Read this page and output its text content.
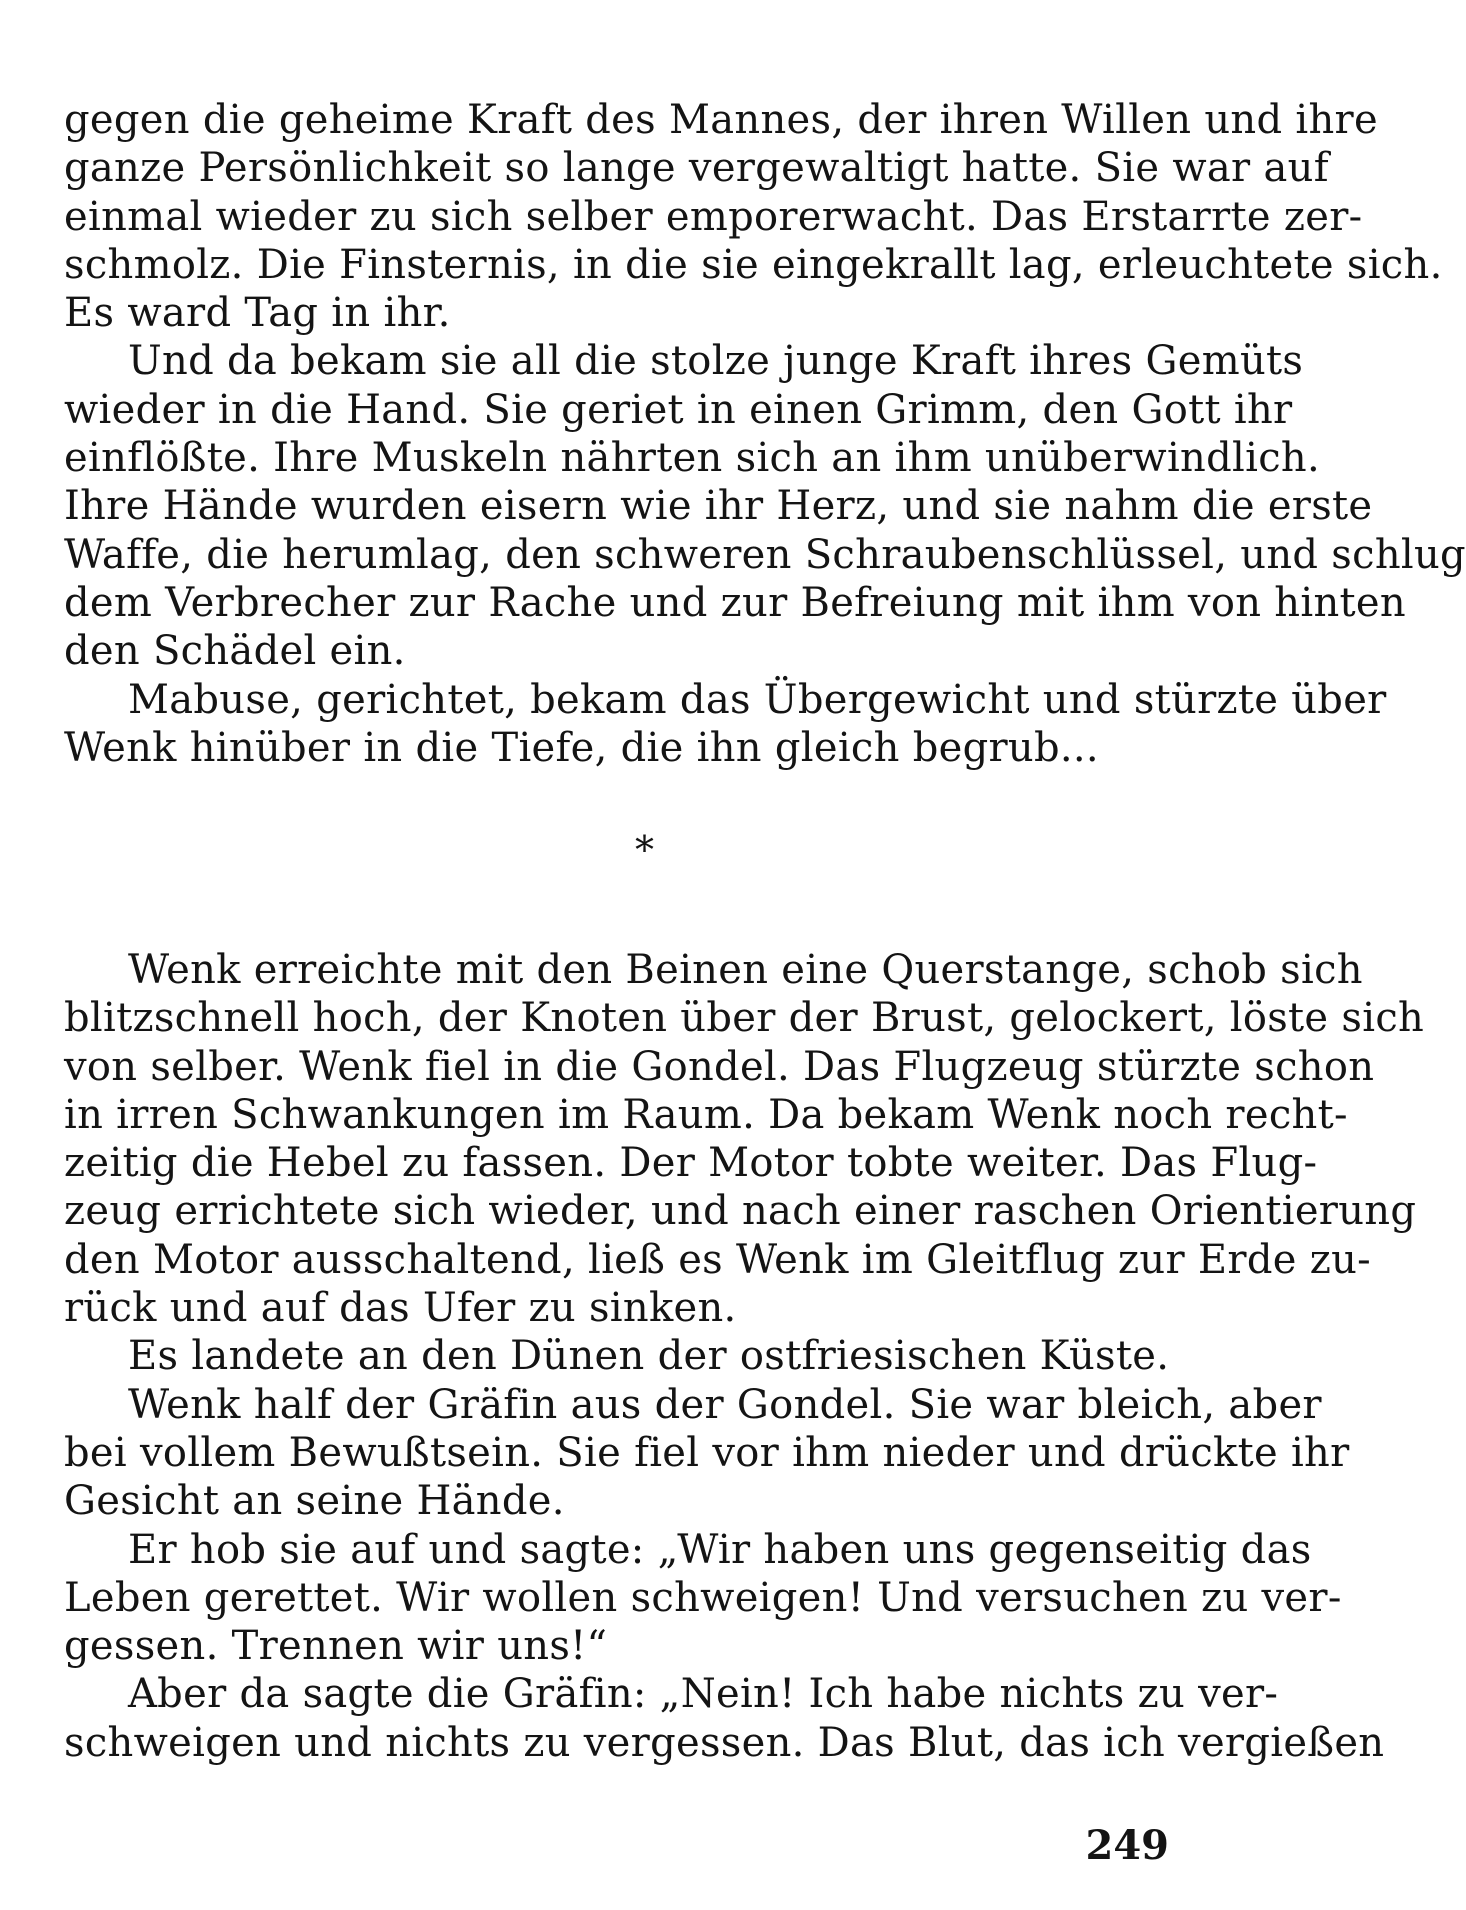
gegen die geheime Kraft des Mannes, der ihren Willen und ihre
ganze Persönlichkeit so lange vergewaltigt hatte. Sie war auf
einmal wieder zu sich selber emporerwacht. Das Erstarrte zer-
schmolz. Die Finsternis, in die sie eingekrallt lag, erleuchtete sich.
Es ward Tag in ihr.
Und da bekam sie all die stolze junge Kraft ihres Gemüts
wieder in die Hand. Sie geriet in einen Grimm, den Gott ihr
einflößte. Ihre Muskeln nährten sich an ihm unüberwindlich.
Ihre Hände wurden eisern wie ihr Herz, und sie nahm die erste
Waffe, die herumlag, den schweren Schraubenschlüssel, und schlug
dem Verbrecher zur Rache und zur Befreiung mit ihm von hinten
den Schädel ein.
Mabuse, gerichtet, bekam das Übergewicht und stürzte über
Wenk hinüber in die Tiefe, die ihn gleich begrub...
*
Wenk erreichte mit den Beinen eine Querstange, schob sich
blitzschnell hoch, der Knoten über der Brust, gelockert, löste sich
von selber. Wenk fiel in die Gondel. Das Flugzeug stürzte schon
in irren Schwankungen im Raum. Da bekam Wenk noch recht-
zeitig die Hebel zu fassen. Der Motor tobte weiter. Das Flug-
zeug errichtete sich wieder, und nach einer raschen Orientierung
den Motor ausschaltend, ließ es Wenk im Gleitflug zur Erde zu-
rück und auf das Ufer zu sinken.
Es landete an den Dünen der ostfriesischen Küste.
Wenk half der Gräfin aus der Gondel. Sie war bleich, aber
bei vollem Bewußtsein. Sie fiel vor ihm nieder und drückte ihr
Gesicht an seine Hände.
Er hob sie auf und sagte: „Wir haben uns gegenseitig das
Leben gerettet. Wir wollen schweigen! Und versuchen zu ver-
gessen. Trennen wir uns!“
Aber da sagte die Gräfin: „Nein! Ich habe nichts zu ver-
schweigen und nichts zu vergessen. Das Blut, das ich vergießen
249
